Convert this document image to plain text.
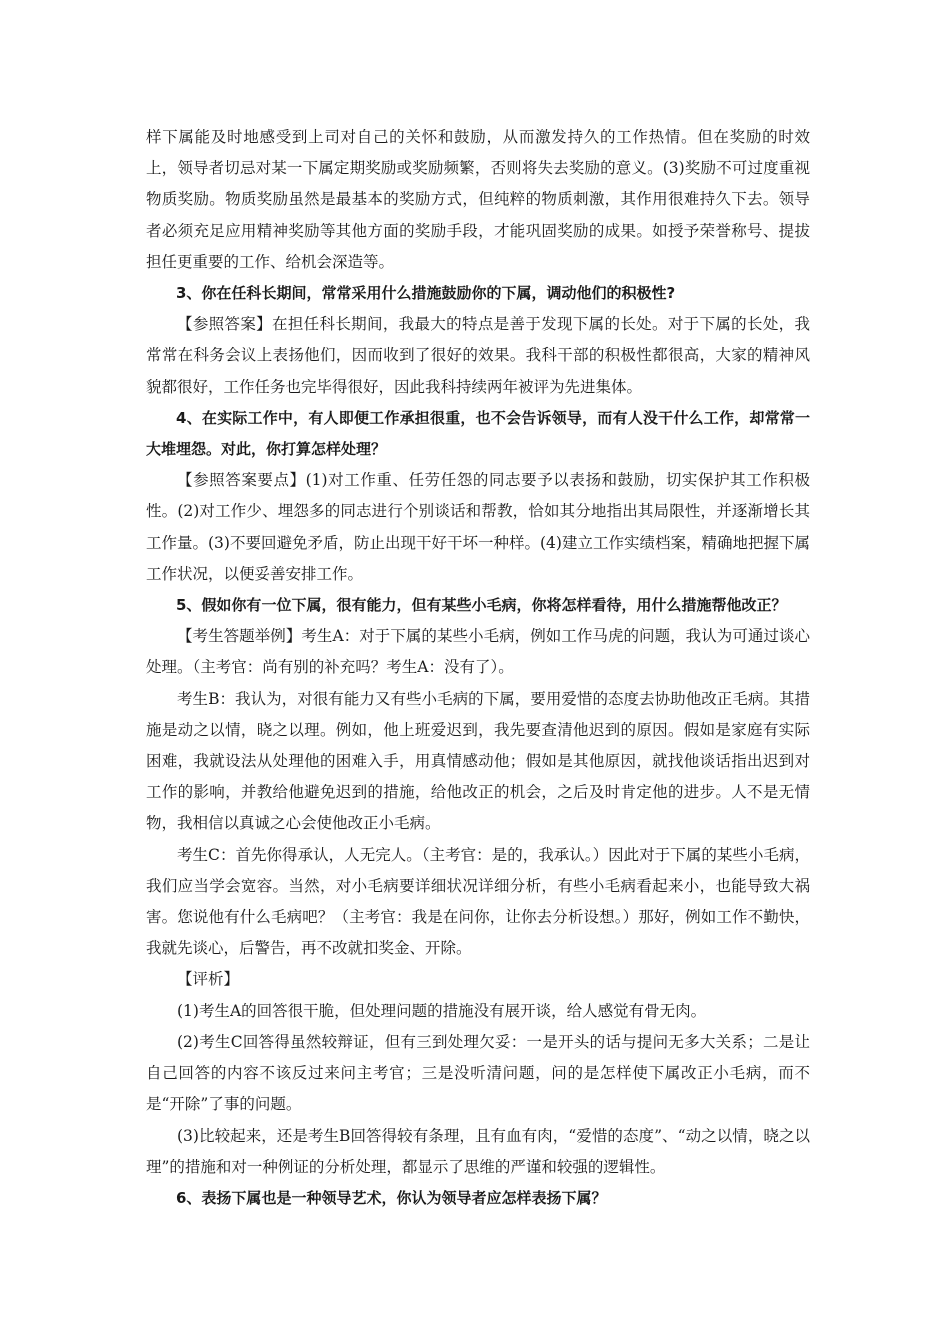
样下属能及时地感受到上司对自己的关怀和鼓励，从而激发持久的工作热情。但在奖励的时效上，领导者切忌对某一下属定期奖励或奖励频繁，否则将失去奖励的意义。(3)奖励不可过度重视物质奖励。物质奖励虽然是最基本的奖励方式，但纯粹的物质刺激，其作用很难持久下去。领导者必须充足应用精神奖励等其他方面的奖励手段，才能巩固奖励的成果。如授予荣誉称号、提拔担任更重要的工作、给机会深造等。

3、你在任科长期间，常常采用什么措施鼓励你的下属，调动他们的积极性?

【参照答案】在担任科长期间，我最大的特点是善于发现下属的长处。对于下属的长处，我常常在科务会议上表扬他们，因而收到了很好的效果。我科干部的积极性都很高，大家的精神风貌都很好，工作任务也完毕得很好，因此我科持续两年被评为先进集体。

4、在实际工作中，有人即便工作承担很重，也不会告诉领导，而有人没干什么工作，却常常一大堆埋怨。对此，你打算怎样处理？

【参照答案要点】(1)对工作重、任劳任怨的同志要予以表扬和鼓励，切实保护其工作积极性。(2)对工作少、埋怨多的同志进行个别谈话和帮教，恰如其分地指出其局限性，并逐渐增长其工作量。(3)不要回避免矛盾，防止出现干好干坏一种样。(4)建立工作实绩档案，精确地把握下属工作状况，以便妥善安排工作。

5、假如你有一位下属，很有能力，但有某些小毛病，你将怎样看待，用什么措施帮他改正？

【考生答题举例】考生A：对于下属的某些小毛病，例如工作马虎的问题，我认为可通过谈心处理。（主考官：尚有别的补充吗？考生A：没有了）。

考生B：我认为，对很有能力又有些小毛病的下属，要用爱惜的态度去协助他改正毛病。其措施是动之以情，晓之以理。例如，他上班爱迟到，我先要查清他迟到的原因。假如是家庭有实际困难，我就设法从处理他的困难入手，用真情感动他；假如是其他原因，就找他谈话指出迟到对工作的影响，并教给他避免迟到的措施，给他改正的机会，之后及时肯定他的进步。人不是无情物，我相信以真诚之心会使他改正小毛病。

考生C：首先你得承认，人无完人。（主考官：是的，我承认。）因此对于下属的某些小毛病，我们应当学会宽容。当然，对小毛病要详细状况详细分析，有些小毛病看起来小，也能导致大祸害。您说他有什么毛病吧？（主考官：我是在问你，让你去分析设想。）那好，例如工作不勤快，我就先谈心，后警告，再不改就扣奖金、开除。

【评析】

(1)考生A的回答很干脆，但处理问题的措施没有展开谈，给人感觉有骨无肉。

(2)考生C回答得虽然较辩证，但有三到处理欠妥：一是开头的话与提问无多大关系；二是让自己回答的内容不该反过来问主考官；三是没听清问题，问的是怎样使下属改正小毛病，而不是“开除”了事的问题。

(3)比较起来，还是考生B回答得较有条理，且有血有肉，“爱惜的态度”、“动之以情，晓之以理”的措施和对一种例证的分析处理，都显示了思维的严谨和较强的逻辑性。

6、表扬下属也是一种领导艺术，你认为领导者应怎样表扬下属？
